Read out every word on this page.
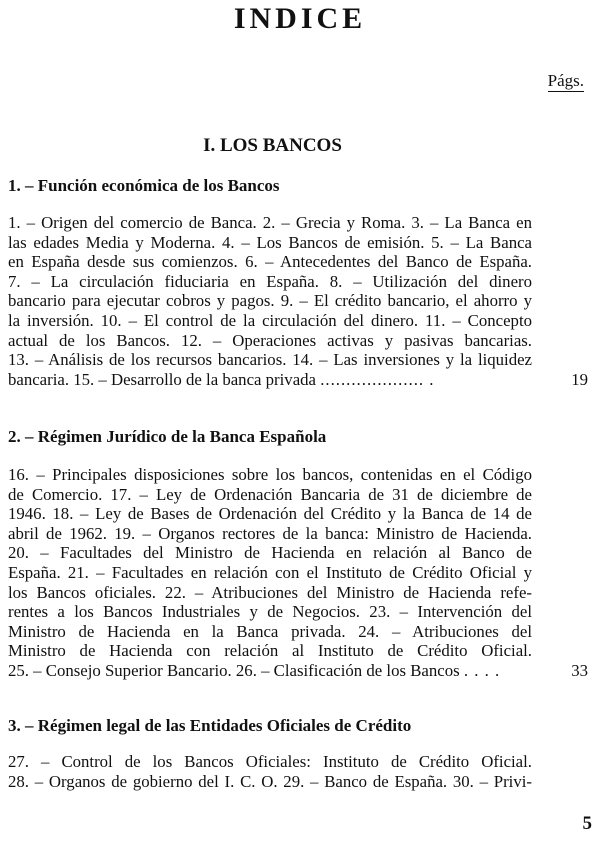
INDICE
Págs.
I. LOS BANCOS
1. – Función económica de los Bancos
1. – Origen del comercio de Banca. 2. – Grecia y Roma. 3. – La Banca en
las edades Media y Moderna. 4. – Los Bancos de emisión. 5. – La Banca
en España desde sus comienzos. 6. – Antecedentes del Banco de España.
7. – La circulación fiduciaria en España. 8. – Utilización del dinero
bancario para ejecutar cobros y pagos. 9. – El crédito bancario, el ahorro y
la inversión. 10. – El control de la circulación del dinero. 11. – Concepto
actual de los Bancos. 12. – Operaciones activas y pasivas bancarias.
13. – Análisis de los recursos bancarios. 14. – Las inversiones y la liquidez
bancaria. 15. – Desarrollo de la banca privada .................... .	19
2. – Régimen Jurídico de la Banca Española
16. – Principales disposiciones sobre los bancos, contenidas en el Código
de Comercio. 17. – Ley de Ordenación Bancaria de 31 de diciembre de
1946. 18. – Ley de Bases de Ordenación del Crédito y la Banca de 14 de
abril de 1962. 19. – Organos rectores de la banca: Ministro de Hacienda.
20. – Facultades del Ministro de Hacienda en relación al Banco de
España. 21. – Facultades en relación con el Instituto de Crédito Oficial y
los Bancos oficiales. 22. – Atribuciones del Ministro de Hacienda refe-
rentes a los Bancos Industriales y de Negocios. 23. – Intervención del
Ministro de Hacienda en la Banca privada. 24. – Atribuciones del
Ministro de Hacienda con relación al Instituto de Crédito Oficial.
25. – Consejo Superior Bancario. 26. – Clasificación de los Bancos . . . .	33
3. – Régimen legal de las Entidades Oficiales de Crédito
27. – Control de los Bancos Oficiales: Instituto de Crédito Oficial.
28. – Organos de gobierno del I. C. O. 29. – Banco de España. 30. – Privi-
5
